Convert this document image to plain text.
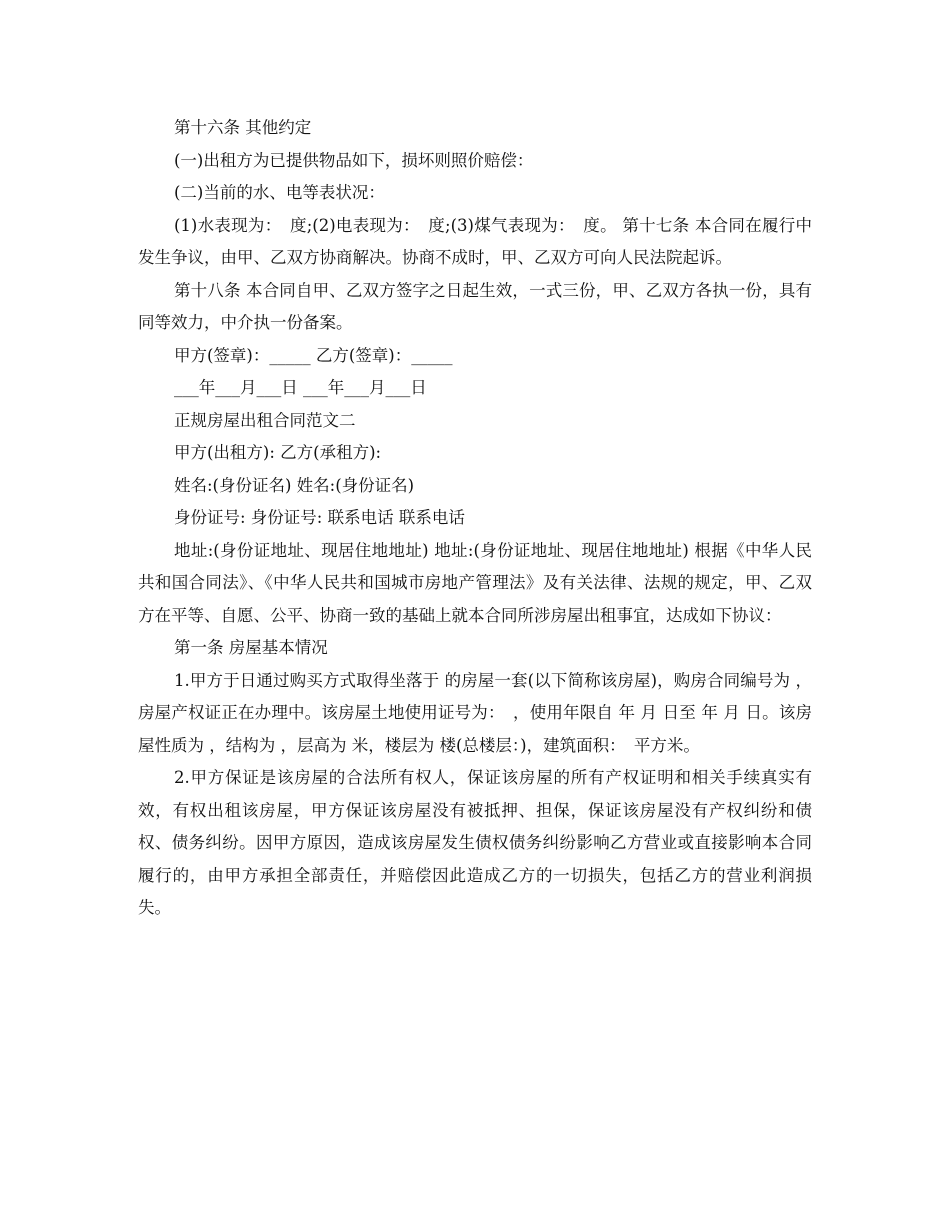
第十六条 其他约定

(一)出租方为已提供物品如下，损坏则照价赔偿：

(二)当前的水、电等表状况：

(1)水表现为：　度;(2)电表现为：　度;(3)煤气表现为：　度。 第十七条 本合同在履行中发生争议，由甲、乙双方协商解决。协商不成时，甲、乙双方可向人民法院起诉。

第十八条 本合同自甲、乙双方签字之日起生效，一式三份，甲、乙双方各执一份，具有同等效力，中介执一份备案。

甲方(签章)：_____ 乙方(签章)：_____

___年___月___日 ___年___月___日

正规房屋出租合同范文二

甲方(出租方): 乙方(承租方):

姓名:(身份证名) 姓名:(身份证名)

身份证号: 身份证号: 联系电话 联系电话

地址:(身份证地址、现居住地地址) 地址:(身份证地址、现居住地地址) 根据《中华人民共和国合同法》、《中华人民共和国城市房地产管理法》及有关法律、法规的规定，甲、乙双方在平等、自愿、公平、协商一致的基础上就本合同所涉房屋出租事宜，达成如下协议：

第一条 房屋基本情况

1.甲方于日通过购买方式取得坐落于 的房屋一套(以下简称该房屋)，购房合同编号为 ，房屋产权证正在办理中。该房屋土地使用证号为：　，使用年限自 年 月 日至 年 月 日。该房屋性质为 ，结构为 ，层高为 米，楼层为 楼(总楼层：)，建筑面积：　平方米。

2.甲方保证是该房屋的合法所有权人，保证该房屋的所有产权证明和相关手续真实有效，有权出租该房屋，甲方保证该房屋没有被抵押、担保，保证该房屋没有产权纠纷和债权、债务纠纷。因甲方原因，造成该房屋发生债权债务纠纷影响乙方营业或直接影响本合同履行的，由甲方承担全部责任，并赔偿因此造成乙方的一切损失，包括乙方的营业利润损失。
